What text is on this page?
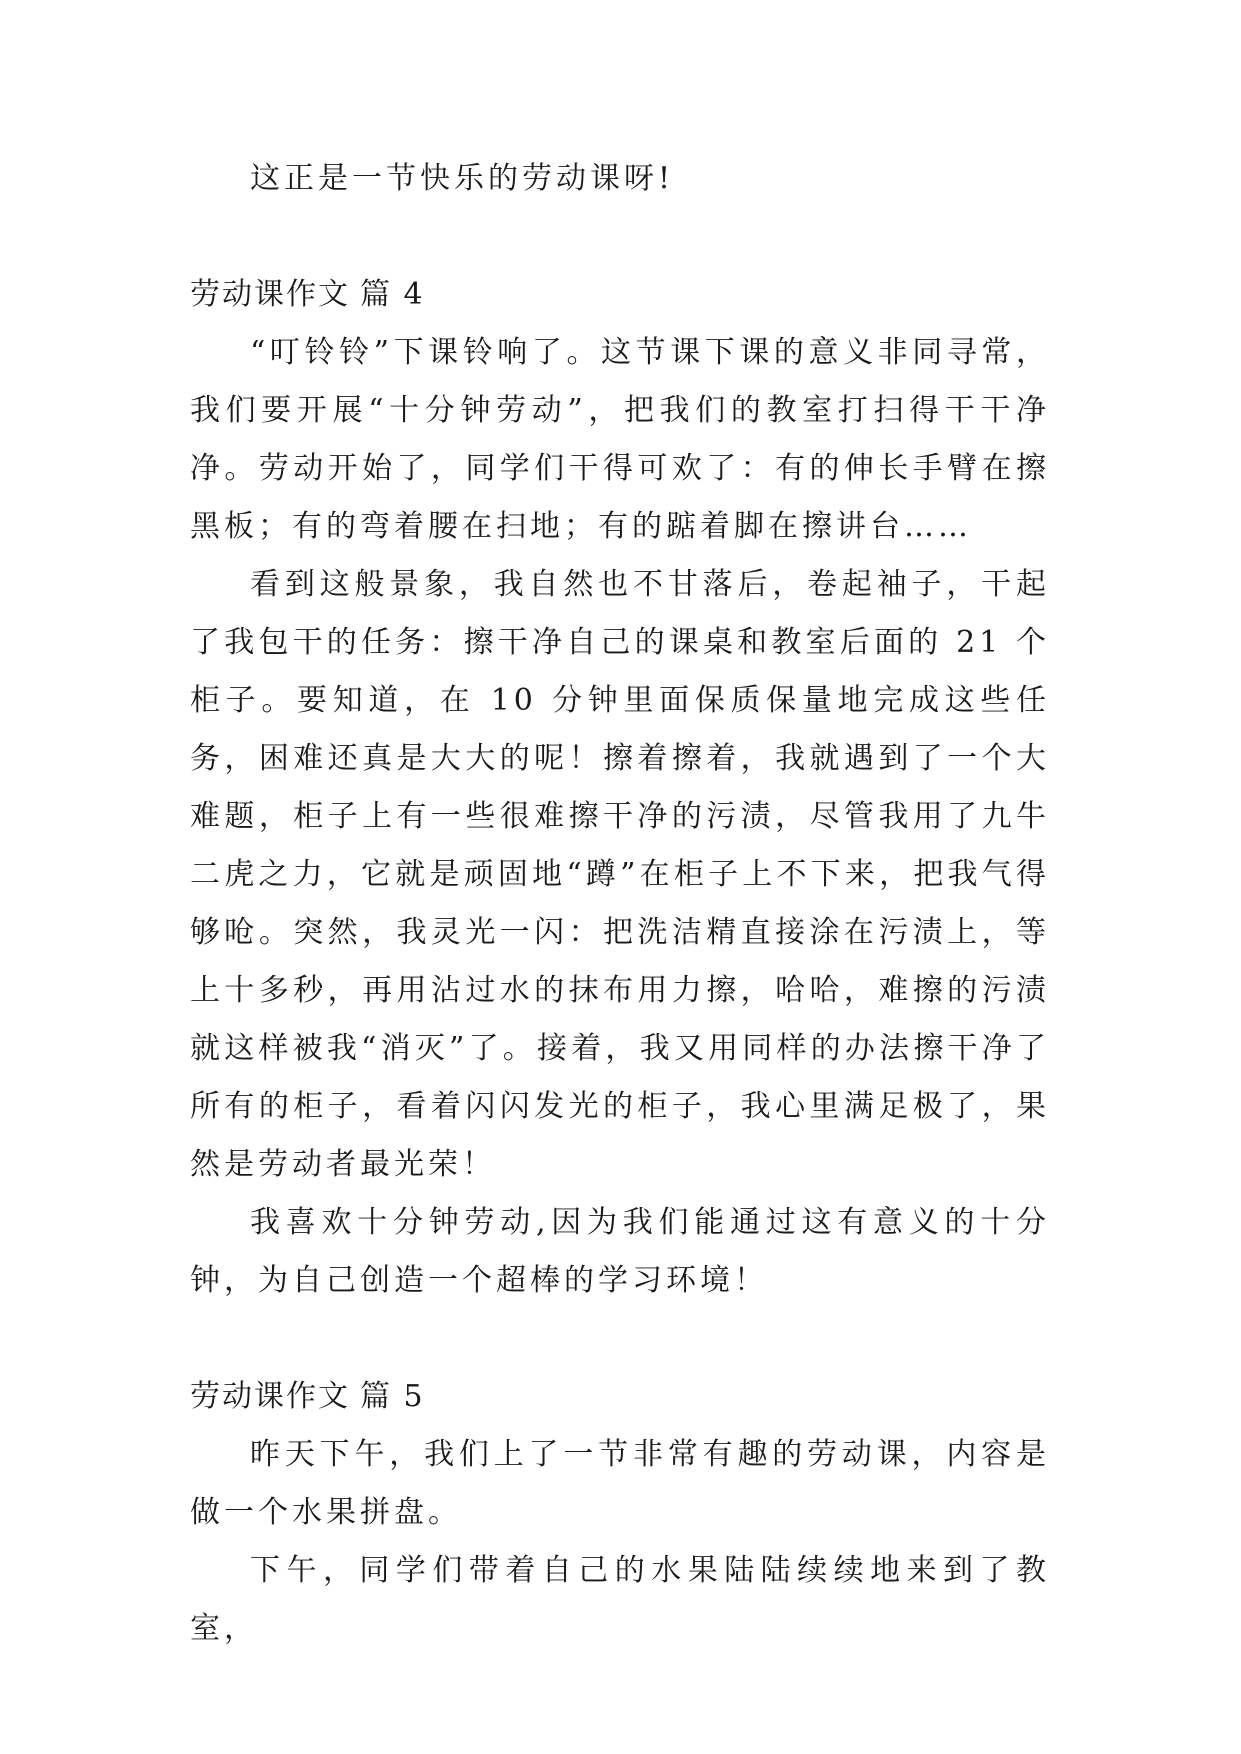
这正是一节快乐的劳动课呀!

劳动课作文 篇 4

“叮铃铃”下课铃响了。这节课下课的意义非同寻常，我们要开展“十分钟劳动”，把我们的教室打扫得干干净净。劳动开始了，同学们干得可欢了：有的伸长手臂在擦黑板；有的弯着腰在扫地；有的踮着脚在擦讲台……

看到这般景象，我自然也不甘落后，卷起袖子，干起了我包干的任务：擦干净自己的课桌和教室后面的 21 个柜子。要知道，在 10 分钟里面保质保量地完成这些任务，困难还真是大大的呢！擦着擦着，我就遇到了一个大难题，柜子上有一些很难擦干净的污渍，尽管我用了九牛二虎之力，它就是顽固地“蹲”在柜子上不下来，把我气得够呛。突然，我灵光一闪：把洗洁精直接涂在污渍上，等上十多秒，再用沾过水的抹布用力擦，哈哈，难擦的污渍就这样被我“消灭”了。接着，我又用同样的办法擦干净了所有的柜子，看着闪闪发光的柜子，我心里满足极了，果然是劳动者最光荣！

我喜欢十分钟劳动,因为我们能通过这有意义的十分钟，为自己创造一个超棒的学习环境！

劳动课作文 篇 5

昨天下午，我们上了一节非常有趣的劳动课，内容是做一个水果拼盘。

下午，同学们带着自己的水果陆陆续续地来到了教室，
